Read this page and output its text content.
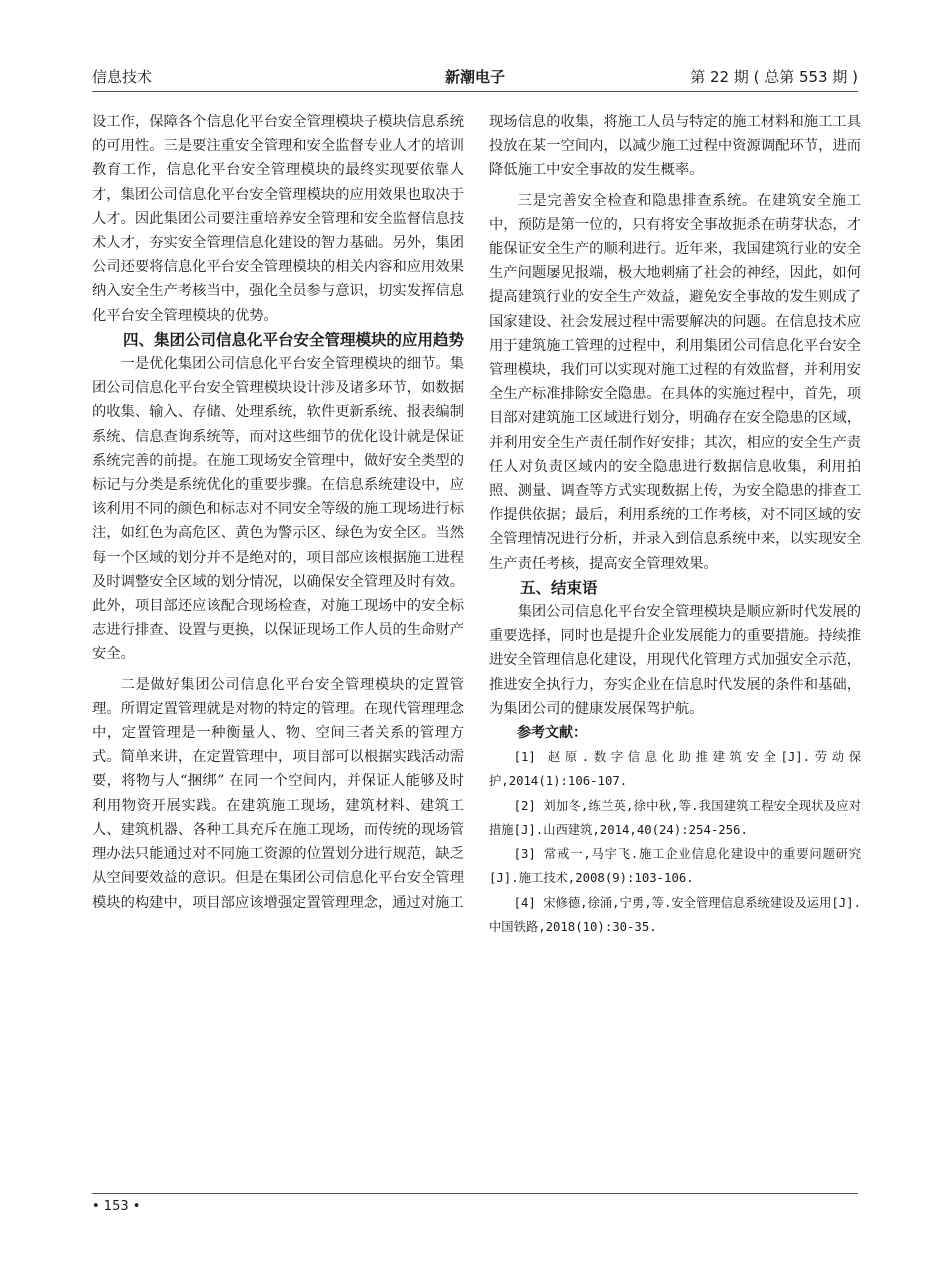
信息技术	新潮电子	第 22 期 ( 总第 553 期 )

设工作，保障各个信息化平台安全管理模块子模块信息系统的可用性。三是要注重安全管理和安全监督专业人才的培训教育工作，信息化平台安全管理模块的最终实现要依靠人才，集团公司信息化平台安全管理模块的应用效果也取决于人才。因此集团公司要注重培养安全管理和安全监督信息技术人才，夯实安全管理信息化建设的智力基础。另外，集团公司还要将信息化平台安全管理模块的相关内容和应用效果纳入安全生产考核当中，强化全员参与意识，切实发挥信息化平台安全管理模块的优势。

四、集团公司信息化平台安全管理模块的应用趋势

一是优化集团公司信息化平台安全管理模块的细节。集团公司信息化平台安全管理模块设计涉及诸多环节，如数据的收集、输入、存储、处理系统，软件更新系统、报表编制系统、信息查询系统等，而对这些细节的优化设计就是保证系统完善的前提。在施工现场安全管理中，做好安全类型的标记与分类是系统优化的重要步骤。在信息系统建设中，应该利用不同的颜色和标志对不同安全等级的施工现场进行标注，如红色为高危区、黄色为警示区、绿色为安全区。当然每一个区域的划分并不是绝对的，项目部应该根据施工进程及时调整安全区域的划分情况，以确保安全管理及时有效。此外，项目部还应该配合现场检查，对施工现场中的安全标志进行排查、设置与更换，以保证现场工作人员的生命财产安全。

二是做好集团公司信息化平台安全管理模块的定置管理。所谓定置管理就是对物的特定的管理。在现代管理理念中，定置管理是一种衡量人、物、空间三者关系的管理方式。简单来讲，在定置管理中，项目部可以根据实践活动需要，将物与人“捆绑” 在同一个空间内，并保证人能够及时利用物资开展实践。在建筑施工现场，建筑材料、建筑工人、建筑机器、各种工具充斥在施工现场，而传统的现场管理办法只能通过对不同施工资源的位置划分进行规范，缺乏从空间要效益的意识。但是在集团公司信息化平台安全管理模块的构建中，项目部应该增强定置管理理念，通过对施工

现场信息的收集，将施工人员与特定的施工材料和施工工具投放在某一空间内，以减少施工过程中资源调配环节，进而降低施工中安全事故的发生概率。

三是完善安全检查和隐患排查系统。在建筑安全施工中，预防是第一位的，只有将安全事故扼杀在萌芽状态，才能保证安全生产的顺利进行。近年来，我国建筑行业的安全生产问题屡见报端，极大地刺痛了社会的神经，因此，如何提高建筑行业的安全生产效益，避免安全事故的发生则成了国家建设、社会发展过程中需要解决的问题。在信息技术应用于建筑施工管理的过程中，利用集团公司信息化平台安全管理模块，我们可以实现对施工过程的有效监督，并利用安全生产标准排除安全隐患。在具体的实施过程中，首先，项目部对建筑施工区域进行划分，明确存在安全隐患的区域，并利用安全生产责任制作好安排；其次，相应的安全生产责任人对负责区域内的安全隐患进行数据信息收集，利用拍照、测量、调查等方式实现数据上传，为安全隐患的排查工作提供依据；最后，利用系统的工作考核，对不同区域的安全管理情况进行分析，并录入到信息系统中来，以实现安全生产责任考核，提高安全管理效果。

五、结束语

集团公司信息化平台安全管理模块是顺应新时代发展的重要选择，同时也是提升企业发展能力的重要措施。持续推进安全管理信息化建设，用现代化管理方式加强安全示范，推进安全执行力，夯实企业在信息时代发展的条件和基础，为集团公司的健康发展保驾护航。

参考文献：

[1] 赵原.数字信息化助推建筑安全[J].劳动保护,2014(1):106-107.

[2] 刘加冬,练兰英,徐中秋,等.我国建筑工程安全现状及应对措施[J].山西建筑,2014,40(24):254-256.

[3] 常戒一,马宇飞.施工企业信息化建设中的重要问题研究[J].施工技术,2008(9):103-106.

[4] 宋修德,徐涌,宁勇,等.安全管理信息系统建设及运用[J].中国铁路,2018(10):30-35.

• 153 •
